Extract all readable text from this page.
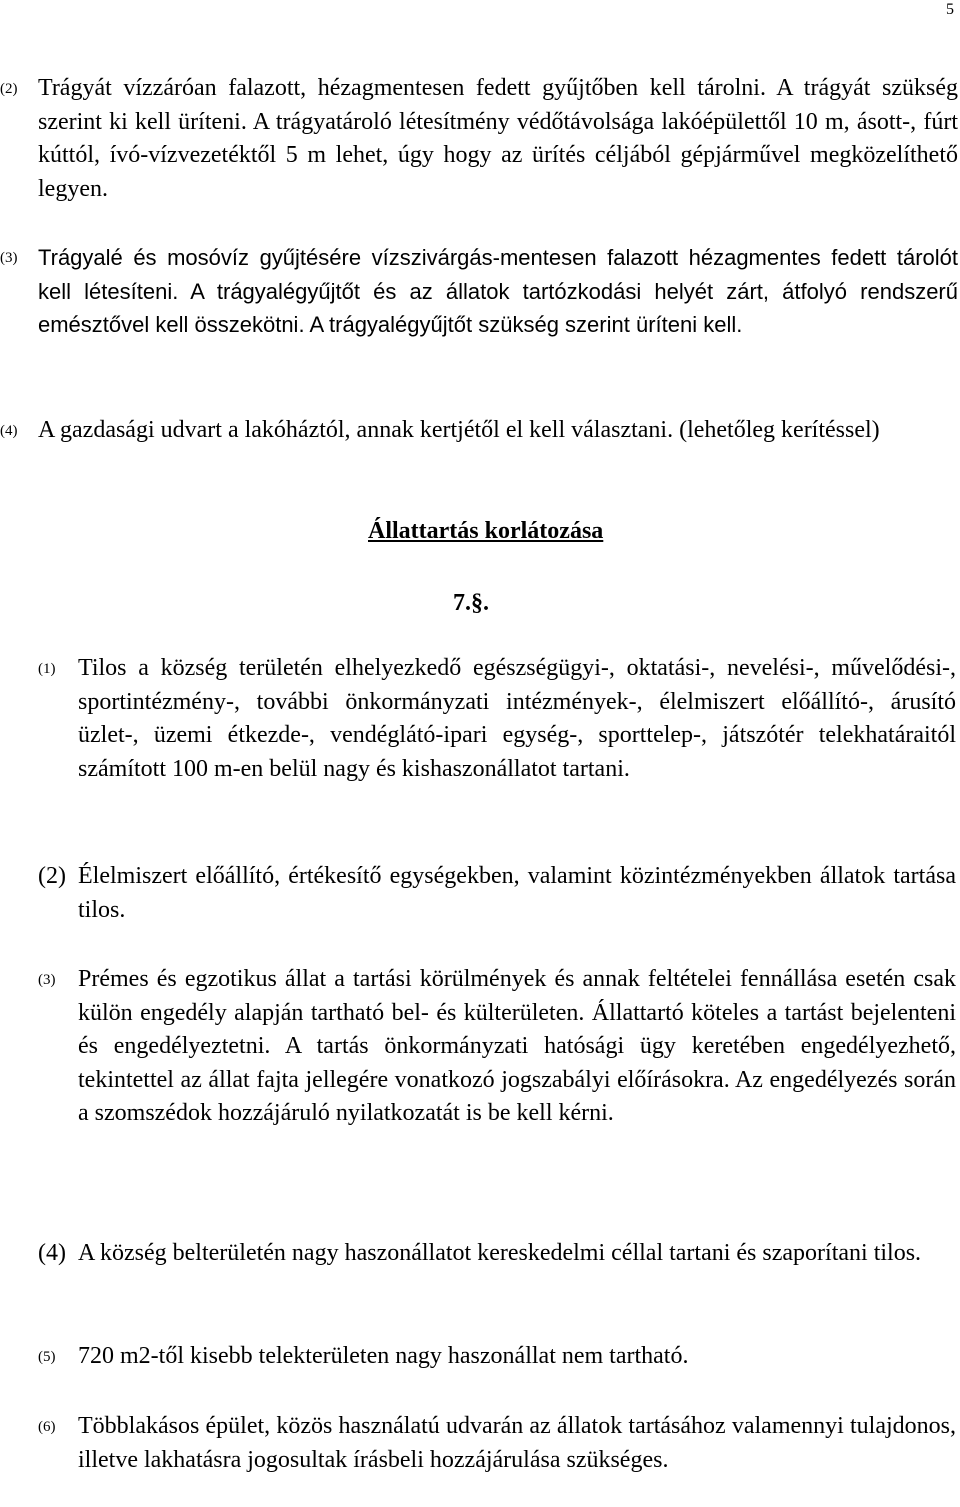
5
(2) Trágyát vízzáróan falazott, hézagmentesen fedett gyűjtőben kell tárolni. A trágyát szükség szerint ki kell üríteni. A trágyatároló létesítmény védőtávolsága lakóépülettől 10 m, ásott-, fúrt kúttól, ívó-vízvezetéktől 5 m lehet, úgy hogy az ürítés céljából gépjárművel megközelíthető legyen.
(3) Trágyalé és mosóvíz gyűjtésére vízszivárgás-mentesen falazott hézagmentes fedett tárolót kell létesíteni. A trágyalégyűjtőt és az állatok tartózkodási helyét zárt, átfolyó rendszerű emésztővel kell összekötni. A trágyalégyűjtőt szükség szerint üríteni kell.
(4) A gazdasági udvart a lakóháztól, annak kertjétől el kell választani. (lehetőleg kerítéssel)
Állattartás korlátozása
7.§.
(1) Tilos a község területén elhelyezkedő egészségügyi-, oktatási-, nevelési-, művelődési-, sportintézmény-, további önkormányzati intézmények-, élelmiszert előállító-, árusító üzlet-, üzemi étkezde-, vendéglátó-ipari egység-, sporttelep-, játszótér telekhatáraitól számított 100 m-en belül nagy és kishaszonállatot tartani.
(2) Élelmiszert előállító, értékesítő egységekben, valamint közintézményekben állatok tartása tilos.
(3) Prémes és egzotikus állat a tartási körülmények és annak feltételei fennállása esetén csak külön engedély alapján tartható bel- és külterületen. Állattartó köteles a tartást bejelenteni és engedélyeztetni. A tartás önkormányzati hatósági ügy keretében engedélyezhető, tekintettel az állat fajta jellegére vonatkozó jogszabályi előírásokra. Az engedélyezés során a szomszédok hozzájáruló nyilatkozatát is be kell kérni.
(4) A község belterületén nagy haszonállatot kereskedelmi céllal tartani és szaporítani tilos.
(5) 720 m2-től kisebb telekterületen nagy haszonállat nem tartható.
(6) Többlakásos épület, közös használatú udvarán az állatok tartásához valamennyi tulajdonos, illetve lakhatásra jogosultak írásbeli hozzájárulása szükséges.
